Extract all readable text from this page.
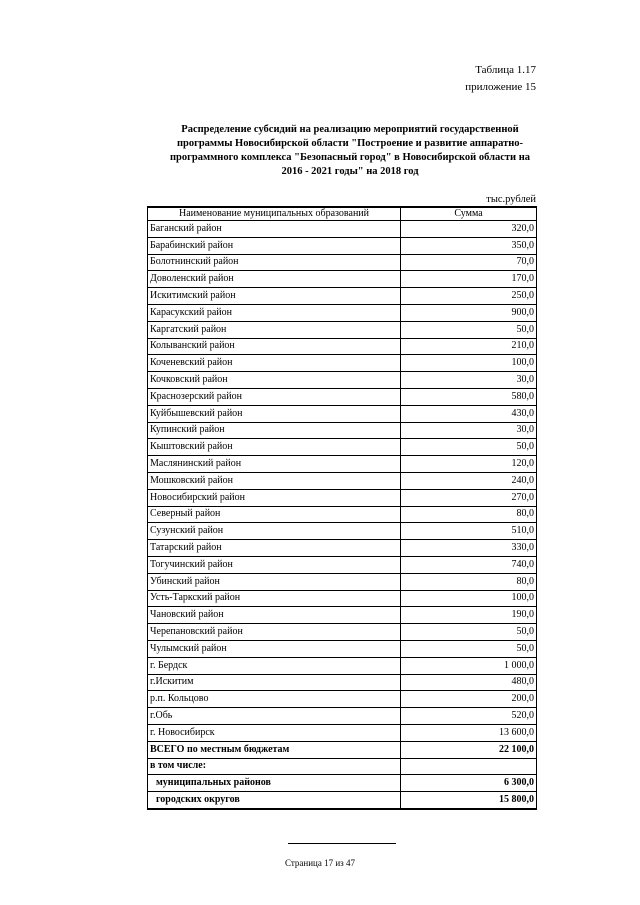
Таблица 1.17
приложение 15
Распределение субсидий на реализацию мероприятий государственной
программы Новосибирской области "Построение и развитие аппаратно-
программного комплекса "Безопасный город" в Новосибирской области на
2016 - 2021 годы" на 2018 год
тыс.рублей
Наименование муниципальных образований	Сумма
Баганский район	320,0
Барабинский район	350,0
Болотнинский район	70,0
Доволенский район	170,0
Искитимский район	250,0
Карасукский район	900,0
Каргатский район	50,0
Колыванский район	210,0
Коченевский район	100,0
Кочковский район	30,0
Краснозерский район	580,0
Куйбышевский район	430,0
Купинский район	30,0
Кыштовский район	50,0
Маслянинский район	120,0
Мошковский район	240,0
Новосибирский район	270,0
Северный район	80,0
Сузунский район	510,0
Татарский район	330,0
Тогучинский район	740,0
Убинский район	80,0
Усть-Таркский район	100,0
Чановский район	190,0
Черепановский район	50,0
Чулымский район	50,0
г. Бердск	1 000,0
г.Искитим	480,0
р.п. Кольцово	200,0
г.Обь	520,0
г. Новосибирск	13 600,0
ВСЕГО по местным бюджетам	22 100,0
в том числе:	
муниципальных районов	6 300,0
городских округов	15 800,0
Страница 17 из 47
